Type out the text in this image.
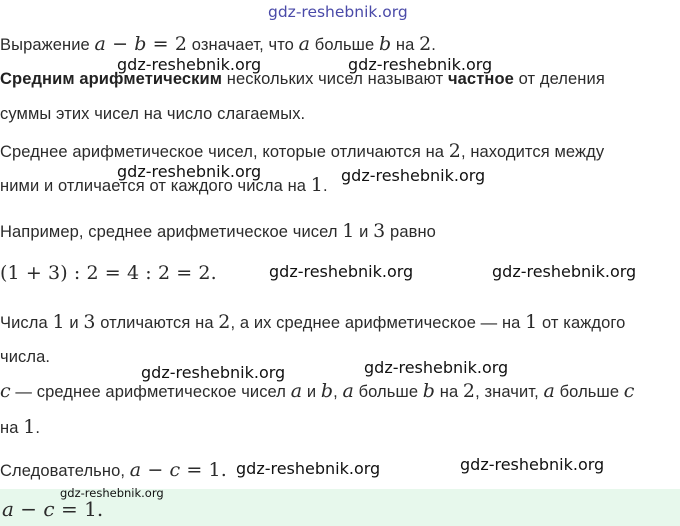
gdz-reshebnik.org
Выражение a − b = 2 означает, что a больше b на 2.
gdz-reshebnik.org	gdz-reshebnik.org
Средним арифметическим нескольких чисел называют частное от деления
суммы этих чисел на число слагаемых.
Среднее арифметическое чисел, которые отличаются на 2, находится между
ними и отличается от каждого числа на 1.
gdz-reshebnik.org	gdz-reshebnik.org
Например, среднее арифметическое чисел 1 и 3 равно
(1 + 3) : 2 = 4 : 2 = 2.	gdz-reshebnik.org	gdz-reshebnik.org
Числа 1 и 3 отличаются на 2, а их среднее арифметическое — на 1 от каждого
числа.
gdz-reshebnik.org	gdz-reshebnik.org
c — среднее арифметическое чисел a и b, a больше b на 2, значит, a больше c
на 1.
Следовательно, a − c = 1. gdz-reshebnik.org	gdz-reshebnik.org
a − c = 1.
gdz-reshebnik.org
